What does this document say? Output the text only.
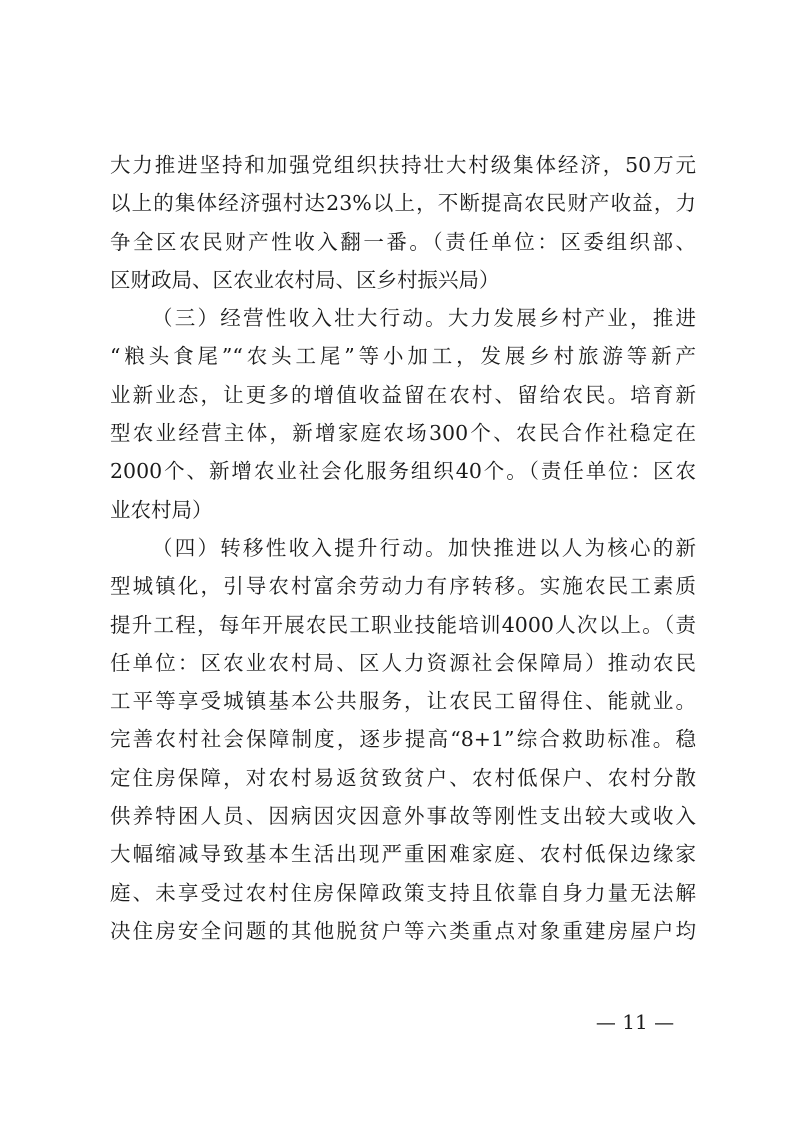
大力推进坚持和加强党组织扶持壮大村级集体经济，50万元
以上的集体经济强村达23%以上，不断提高农民财产收益，力
争全区农民财产性收入翻一番。（责任单位：区委组织部、
区财政局、区农业农村局、区乡村振兴局）
（三）经营性收入壮大行动。大力发展乡村产业，推进
“粮头食尾”“农头工尾”等小加工，发展乡村旅游等新产
业新业态，让更多的增值收益留在农村、留给农民。培育新
型农业经营主体，新增家庭农场300个、农民合作社稳定在
2000个、新增农业社会化服务组织40个。（责任单位：区农
业农村局）
（四）转移性收入提升行动。加快推进以人为核心的新
型城镇化，引导农村富余劳动力有序转移。实施农民工素质
提升工程，每年开展农民工职业技能培训4000人次以上。（责
任单位：区农业农村局、区人力资源社会保障局）推动农民
工平等享受城镇基本公共服务，让农民工留得住、能就业。
完善农村社会保障制度，逐步提高“8+1”综合救助标准。稳
定住房保障，对农村易返贫致贫户、农村低保户、农村分散
供养特困人员、因病因灾因意外事故等刚性支出较大或收入
大幅缩减导致基本生活出现严重困难家庭、农村低保边缘家
庭、未享受过农村住房保障政策支持且依靠自身力量无法解
决住房安全问题的其他脱贫户等六类重点对象重建房屋户均
— 11 —
